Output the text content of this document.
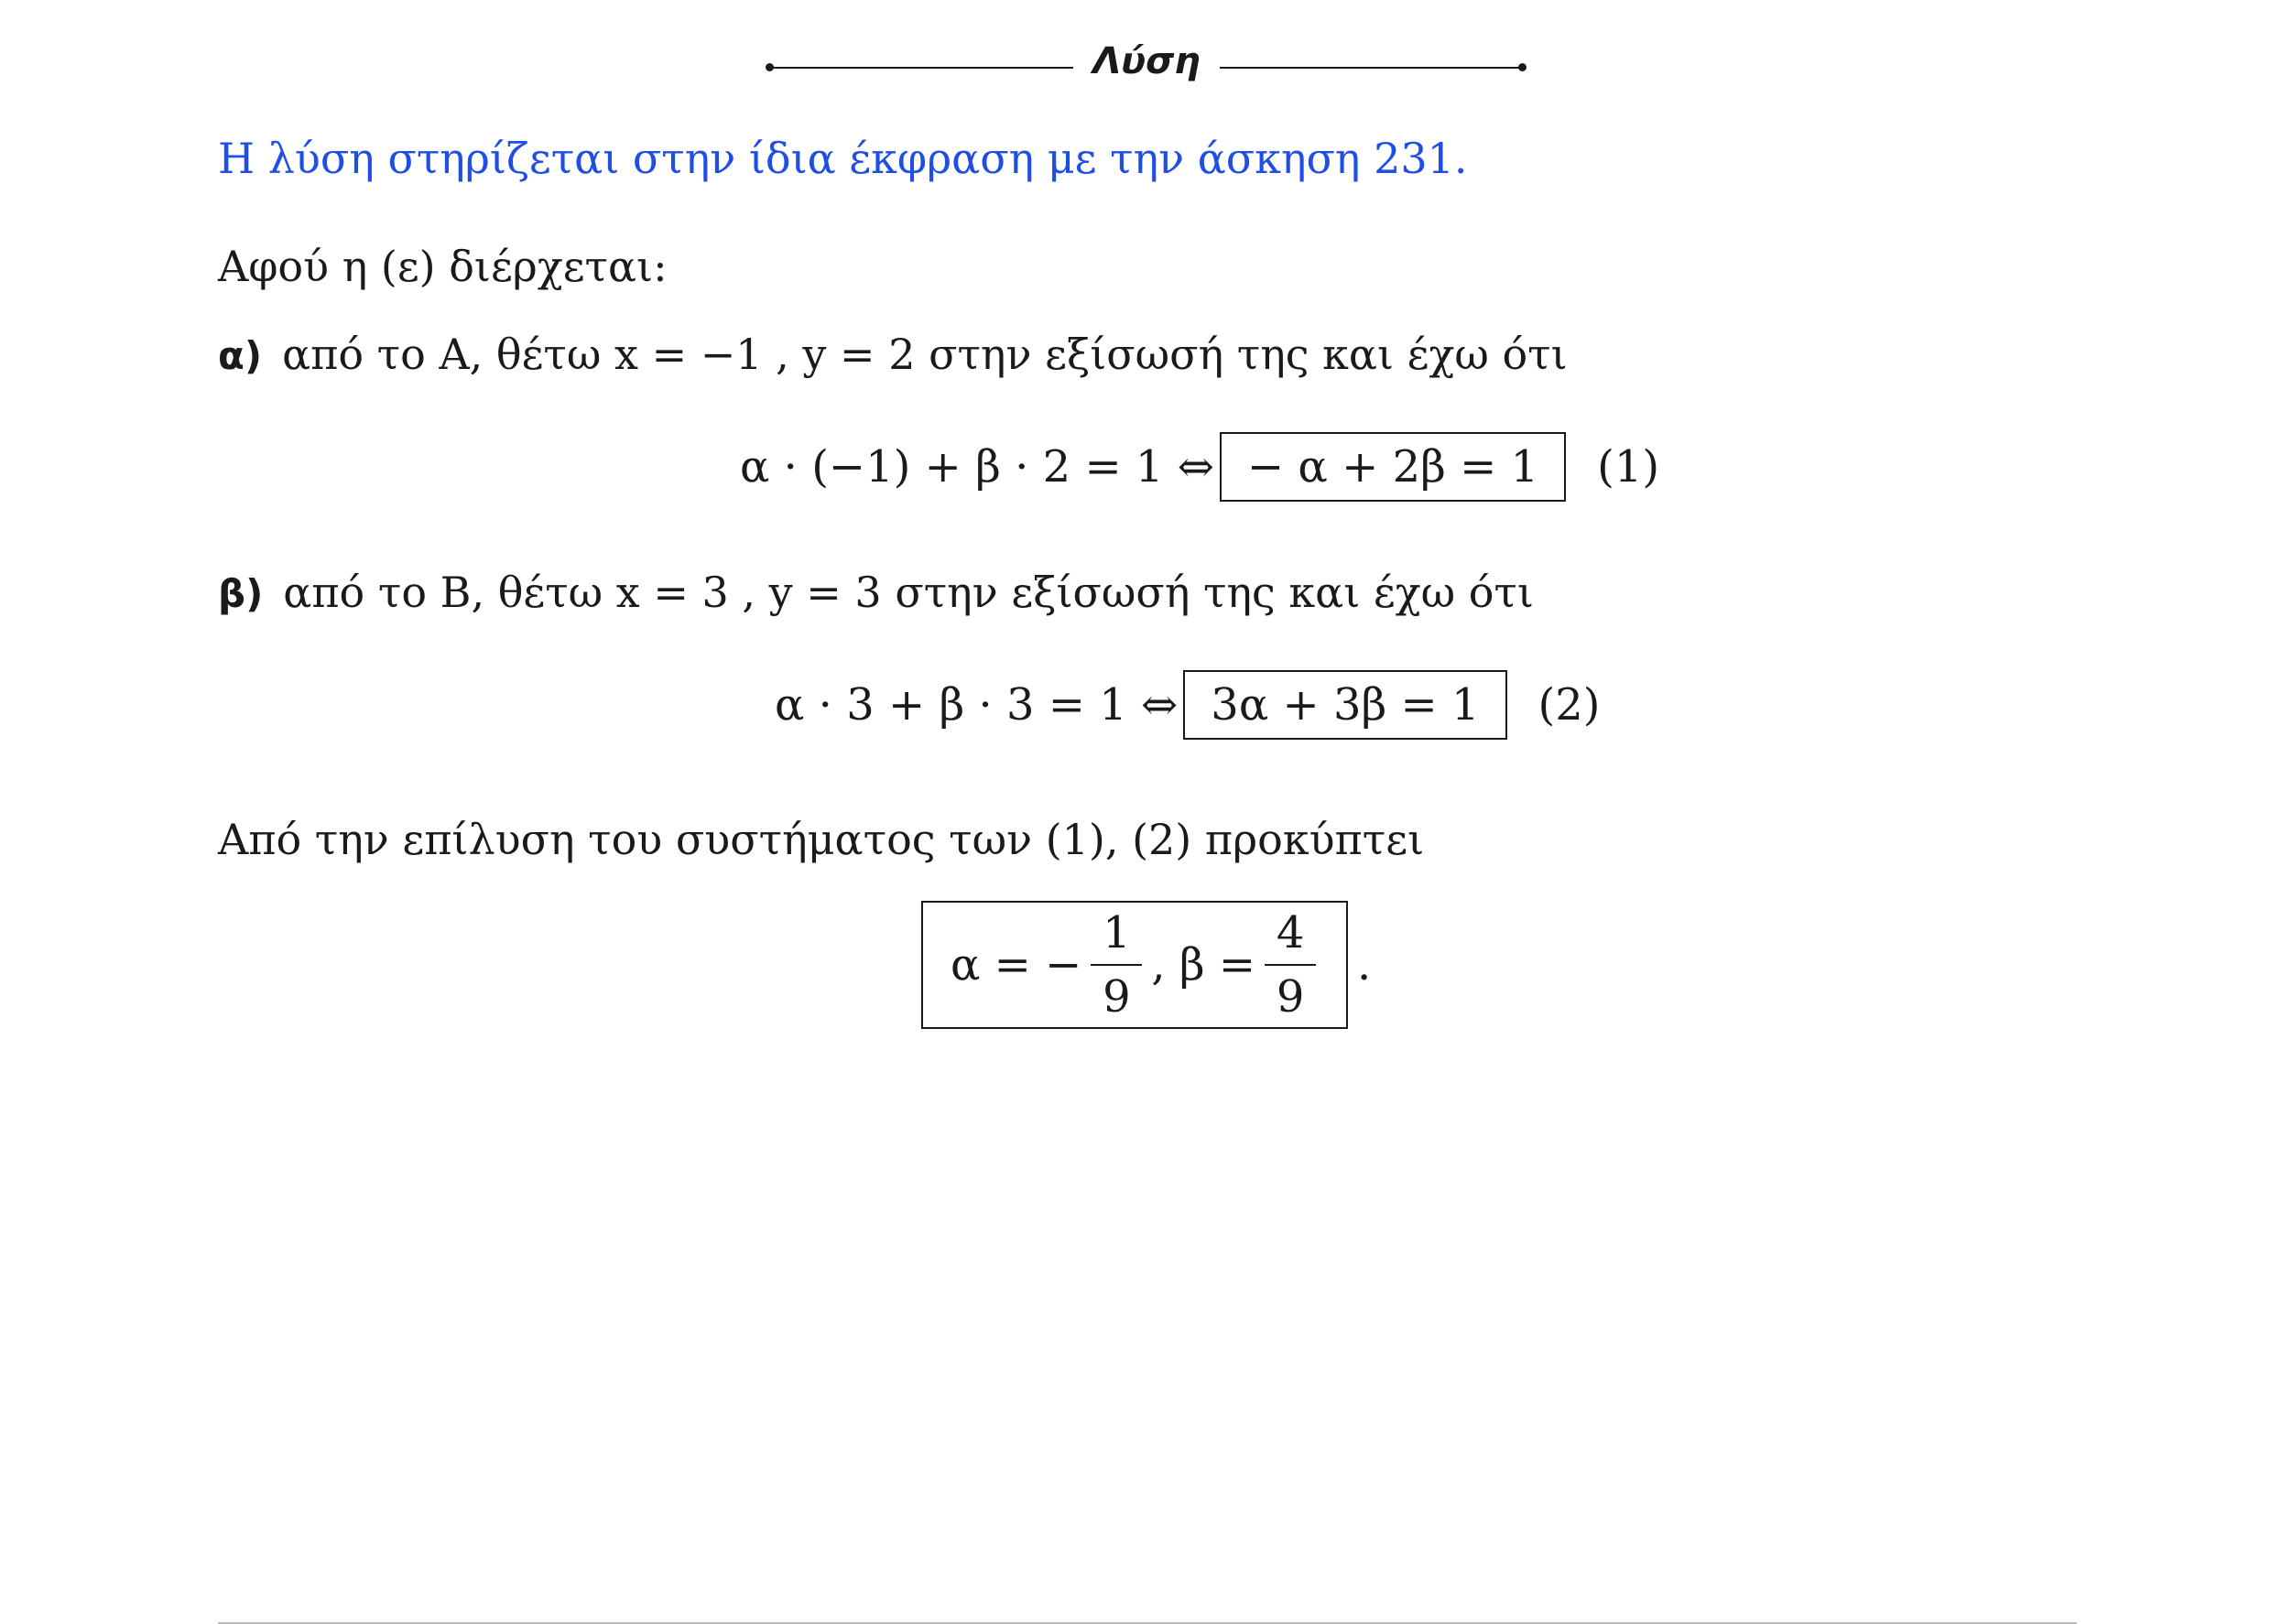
Λύση
Η λύση στηρίζεται στην ίδια έκφραση με την άσκηση 231.
Αφού η (ε) διέρχεται:
α) από το Α, θέτω x = −1 , y = 2 στην εξίσωσή της και έχω ότι
α · (−1) + β · 2 = 1 ⇔ − α + 2β = 1	(1)
β) από το Β, θέτω x = 3 , y = 3 στην εξίσωσή της και έχω ότι
α · 3 + β · 3 = 1 ⇔ 3α + 3β = 1	(2)
Από την επίλυση του συστήματος των (1), (2) προκύπτει
α = − $\frac{1}{9}$ , $\beta = \frac{4}{9}$ .
